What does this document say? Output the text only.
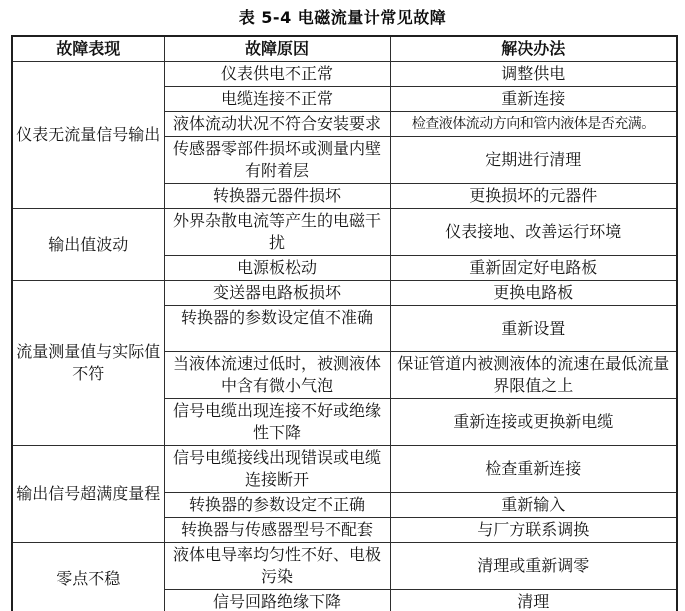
表 5-4 电磁流量计常见故障
故障表现	故障原因	解决办法
仪表无流量信号输出	仪表供电不正常	调整供电
	电缆连接不正常	重新连接
	液体流动状况不符合安装要求	检查液体流动方向和管内液体是否充满。
	传感器零部件损坏或测量内壁有附着层	定期进行清理
	转换器元器件损坏	更换损坏的元器件
输出值波动	外界杂散电流等产生的电磁干扰	仪表接地、改善运行环境
	电源板松动	重新固定好电路板
流量测量值与实际值不符	变送器电路板损坏	更换电路板
	转换器的参数设定值不准确	重新设置
	当液体流速过低时，被测液体中含有微小气泡	保证管道内被测液体的流速在最低流量界限值之上
	信号电缆出现连接不好或绝缘性下降	重新连接或更换新电缆
输出信号超满度量程	信号电缆接线出现错误或电缆连接断开	检查重新连接
	转换器的参数设定不正确	重新输入
	转换器与传感器型号不配套	与厂方联系调换
零点不稳	液体电导率均匀性不好、电极污染	清理或重新调零
	信号回路绝缘下降	清理
